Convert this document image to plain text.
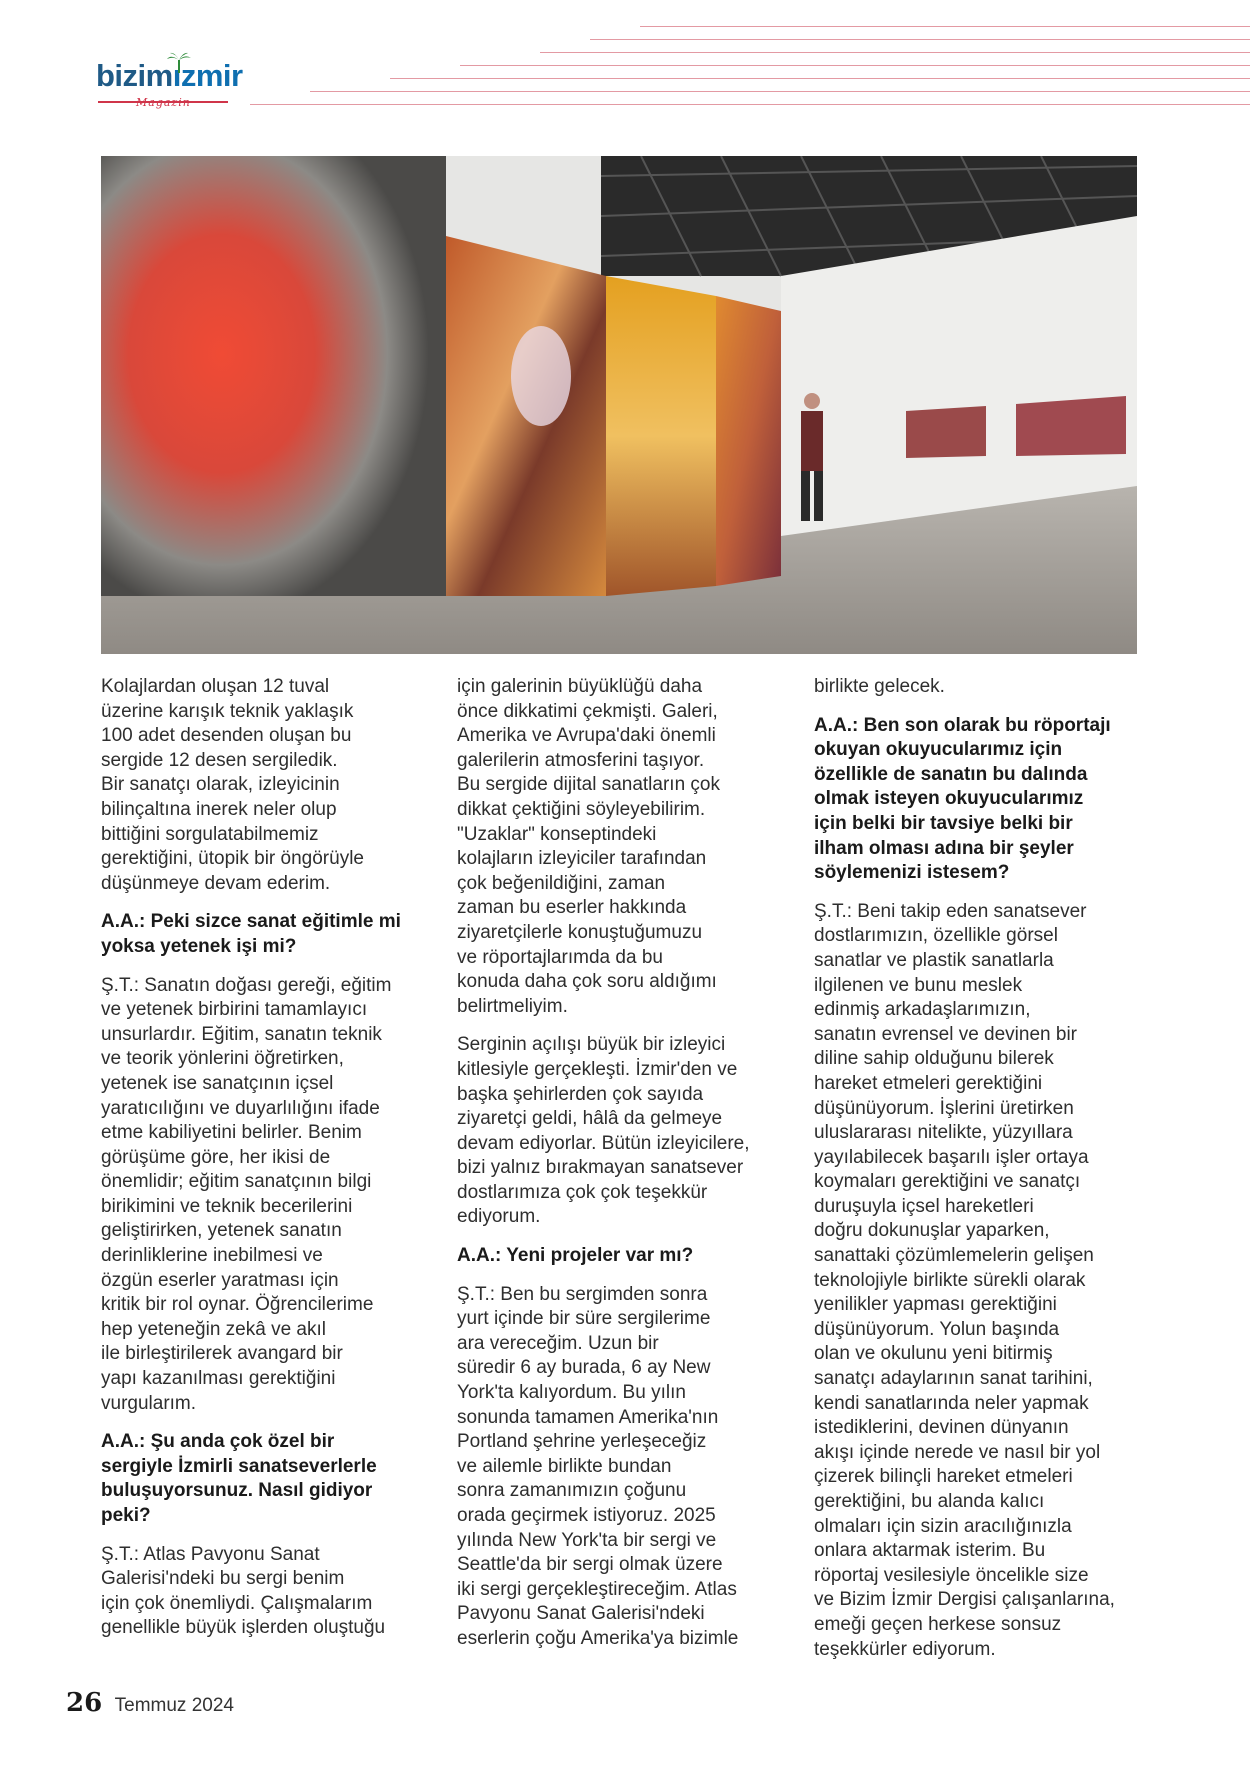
bizimızmir
Magazin

Kolajlardan oluşan 12 tuval
üzerine karışık teknik yaklaşık
100 adet desenden oluşan bu
sergide 12 desen sergiledik.
Bir sanatçı olarak, izleyicinin
bilinçaltına inerek neler olup
bittiğini sorgulatabilmemiz
gerektiğini, ütopik bir öngörüyle
düşünmeye devam ederim.

A.A.: Peki sizce sanat eğitimle mi
yoksa yetenek işi mi?

Ş.T.: Sanatın doğası gereği, eğitim
ve yetenek birbirini tamamlayıcı
unsurlardır. Eğitim, sanatın teknik
ve teorik yönlerini öğretirken,
yetenek ise sanatçının içsel
yaratıcılığını ve duyarlılığını ifade
etme kabiliyetini belirler. Benim
görüşüme göre, her ikisi de
önemlidir; eğitim sanatçının bilgi
birikimini ve teknik becerilerini
geliştirirken, yetenek sanatın
derinliklerine inebilmesi ve
özgün eserler yaratması için
kritik bir rol oynar. Öğrencilerime
hep yeteneğin zekâ ve akıl
ile birleştirilerek avangard bir
yapı kazanılması gerektiğini
vurgularım.

A.A.: Şu anda çok özel bir
sergiyle İzmirli sanatseverlerle
buluşuyorsunuz. Nasıl gidiyor
peki?

Ş.T.: Atlas Pavyonu Sanat
Galerisi'ndeki bu sergi benim
için çok önemliydi. Çalışmalarım
genellikle büyük işlerden oluştuğu

için galerinin büyüklüğü daha
önce dikkatimi çekmişti. Galeri,
Amerika ve Avrupa'daki önemli
galerilerin atmosferini taşıyor.
Bu sergide dijital sanatların çok
dikkat çektiğini söyleyebilirim.
"Uzaklar" konseptindeki
kolajların izleyiciler tarafından
çok beğenildiğini, zaman
zaman bu eserler hakkında
ziyaretçilerle konuştuğumuzu
ve röportajlarımda da bu
konuda daha çok soru aldığımı
belirtmeliyim.

Serginin açılışı büyük bir izleyici
kitlesiyle gerçekleşti. İzmir'den ve
başka şehirlerden çok sayıda
ziyaretçi geldi, hâlâ da gelmeye
devam ediyorlar. Bütün izleyicilere,
bizi yalnız bırakmayan sanatsever
dostlarımıza çok çok teşekkür
ediyorum.

A.A.: Yeni projeler var mı?

Ş.T.: Ben bu sergimden sonra
yurt içinde bir süre sergilerime
ara vereceğim. Uzun bir
süredir 6 ay burada, 6 ay New
York'ta kalıyordum. Bu yılın
sonunda tamamen Amerika'nın
Portland şehrine yerleşeceğiz
ve ailemle birlikte bundan
sonra zamanımızın çoğunu
orada geçirmek istiyoruz. 2025
yılında New York'ta bir sergi ve
Seattle'da bir sergi olmak üzere
iki sergi gerçekleştireceğim. Atlas
Pavyonu Sanat Galerisi'ndeki
eserlerin çoğu Amerika'ya bizimle

birlikte gelecek.

A.A.: Ben son olarak bu röportajı
okuyan okuyucularımız için
özellikle de sanatın bu dalında
olmak isteyen okuyucularımız
için belki bir tavsiye belki bir
ilham olması adına bir şeyler
söylemenizi istesem?

Ş.T.: Beni takip eden sanatsever
dostlarımızın, özellikle görsel
sanatlar ve plastik sanatlarla
ilgilenen ve bunu meslek
edinmiş arkadaşlarımızın,
sanatın evrensel ve devinen bir
diline sahip olduğunu bilerek
hareket etmeleri gerektiğini
düşünüyorum. İşlerini üretirken
uluslararası nitelikte, yüzyıllara
yayılabilecek başarılı işler ortaya
koymaları gerektiğini ve sanatçı
duruşuyla içsel hareketleri
doğru dokunuşlar yaparken,
sanattaki çözümlemelerin gelişen
teknolojiyle birlikte sürekli olarak
yenilikler yapması gerektiğini
düşünüyorum. Yolun başında
olan ve okulunu yeni bitirmiş
sanatçı adaylarının sanat tarihini,
kendi sanatlarında neler yapmak
istediklerini, devinen dünyanın
akışı içinde nerede ve nasıl bir yol
çizerek bilinçli hareket etmeleri
gerektiğini, bu alanda kalıcı
olmaları için sizin aracılığınızla
onlara aktarmak isterim. Bu
röportaj vesilesiyle öncelikle size
ve Bizim İzmir Dergisi çalışanlarına,
emeği geçen herkese sonsuz
teşekkürler ediyorum.

26 Temmuz 2024
